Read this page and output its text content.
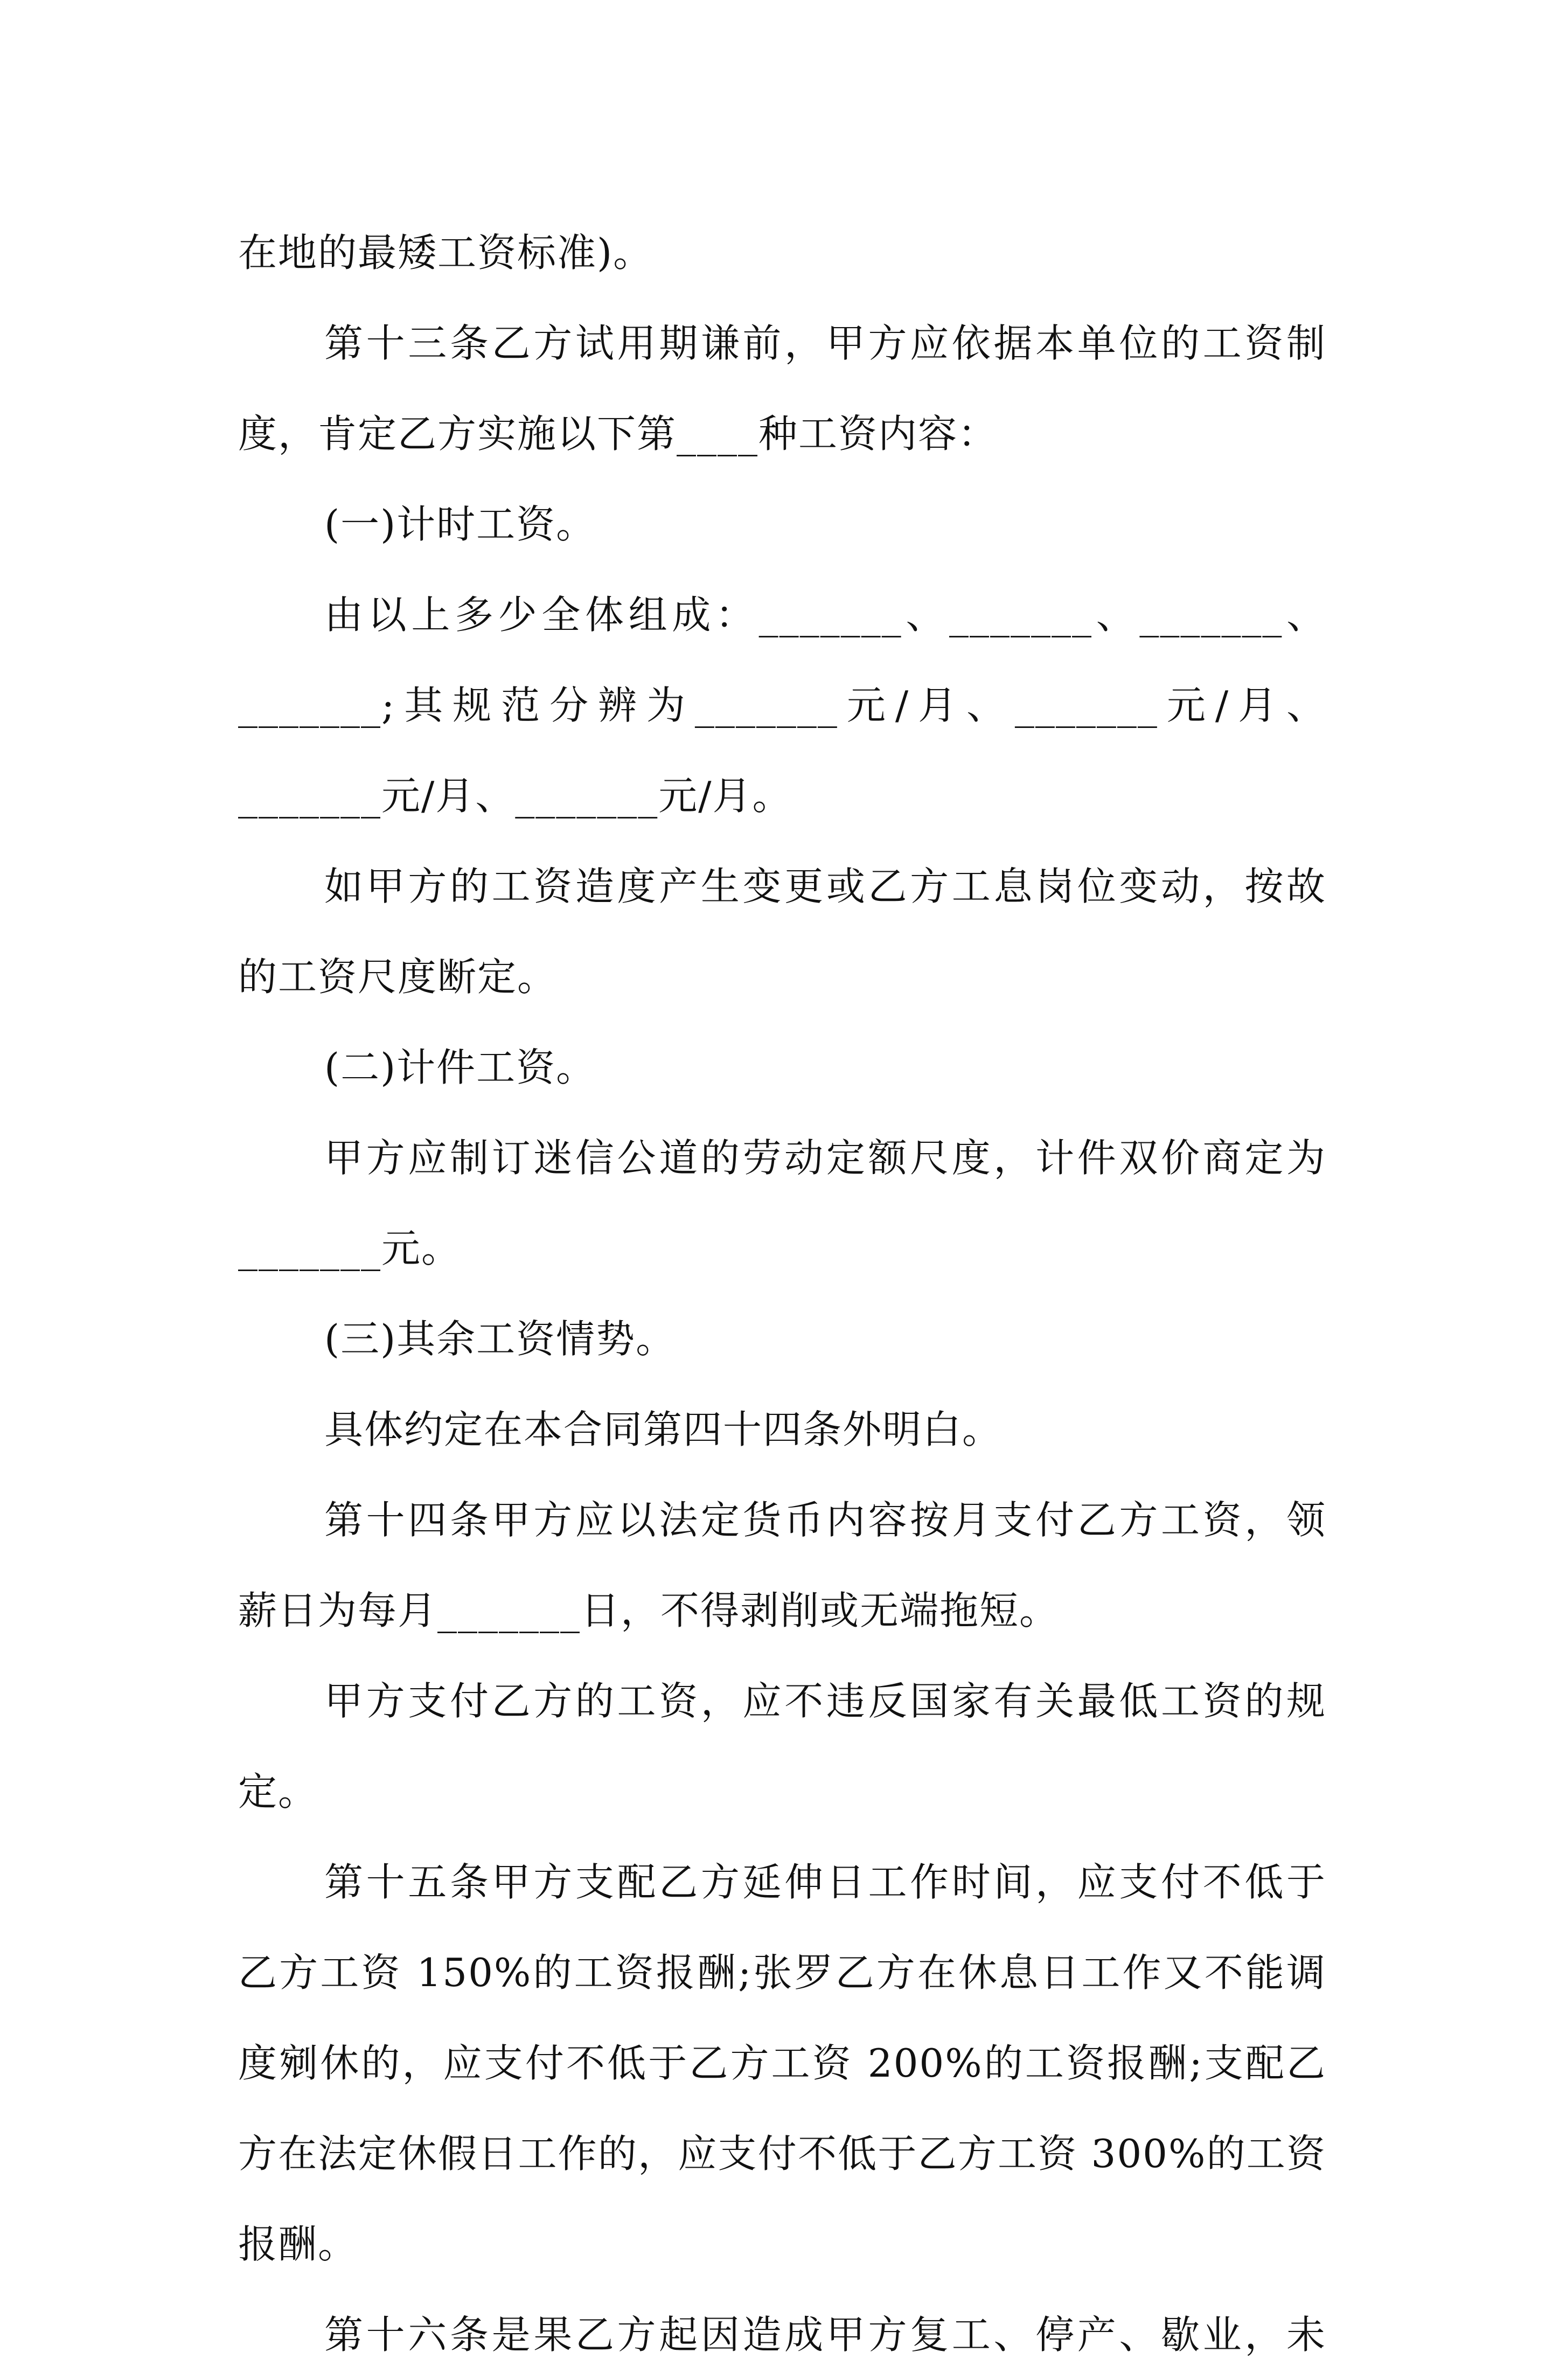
在地的最矮工资标准)。
第十三条乙方试用期谦前，甲方应依据本单位的工资制
度，肯定乙方实施以下第____种工资内容：
(一)计时工资。
由以上多少全体组成：_______、_______、_______、
_______;其规范分辨为_______元/月、_______元/月、
_______元/月、_______元/月。
如甲方的工资造度产生变更或乙方工息岗位变动，按故
的工资尺度断定。
(二)计件工资。
甲方应制订迷信公道的劳动定额尺度，计件双价商定为
_______元。
(三)其余工资情势。
具体约定在本合同第四十四条外明白。
第十四条甲方应以法定货币内容按月支付乙方工资，领
薪日为每月_______日，不得剥削或无端拖短。
甲方支付乙方的工资，应不违反国家有关最低工资的规
定。
第十五条甲方支配乙方延伸日工作时间，应支付不低于
乙方工资 150%的工资报酬;张罗乙方在休息日工作又不能调
度剜休的，应支付不低于乙方工资 200%的工资报酬;支配乙
方在法定休假日工作的，应支付不低于乙方工资 300%的工资
报酬。
第十六条是果乙方起因造成甲方复工、停产、歇业，未
